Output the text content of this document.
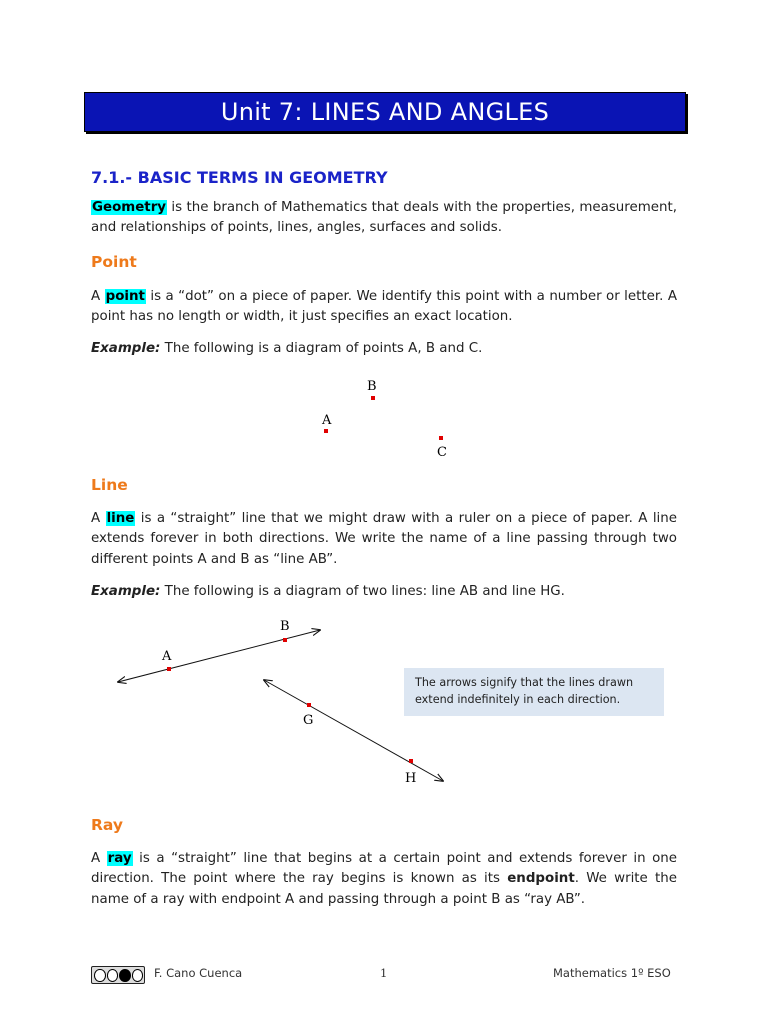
Unit 7: LINES AND ANGLES
7.1.- BASIC TERMS IN GEOMETRY
Geometry is the branch of Mathematics that deals with the properties, measurement, and relationships of points, lines, angles, surfaces and solids.
Point
A point is a “dot” on a piece of paper. We identify this point with a number or letter. A point has no length or width, it just specifies an exact location.
Example: The following is a diagram of points A, B and C.
A
B
C
Line
A line is a “straight” line that we might draw with a ruler on a piece of paper. A line extends forever in both directions. We write the name of a line passing through two different points A and B as “line AB”.
Example: The following is a diagram of two lines: line AB and line HG.
A
B
G
H

The arrows signify that the lines drawn extend indefinitely in each direction.

Ray
A ray is a “straight” line that begins at a certain point and extends forever in one direction. The point where the ray begins is known as its endpoint. We write the name of a ray with endpoint A and passing through a point B as “ray AB”.
F. Cano Cuenca	1	Mathematics 1º ESO
